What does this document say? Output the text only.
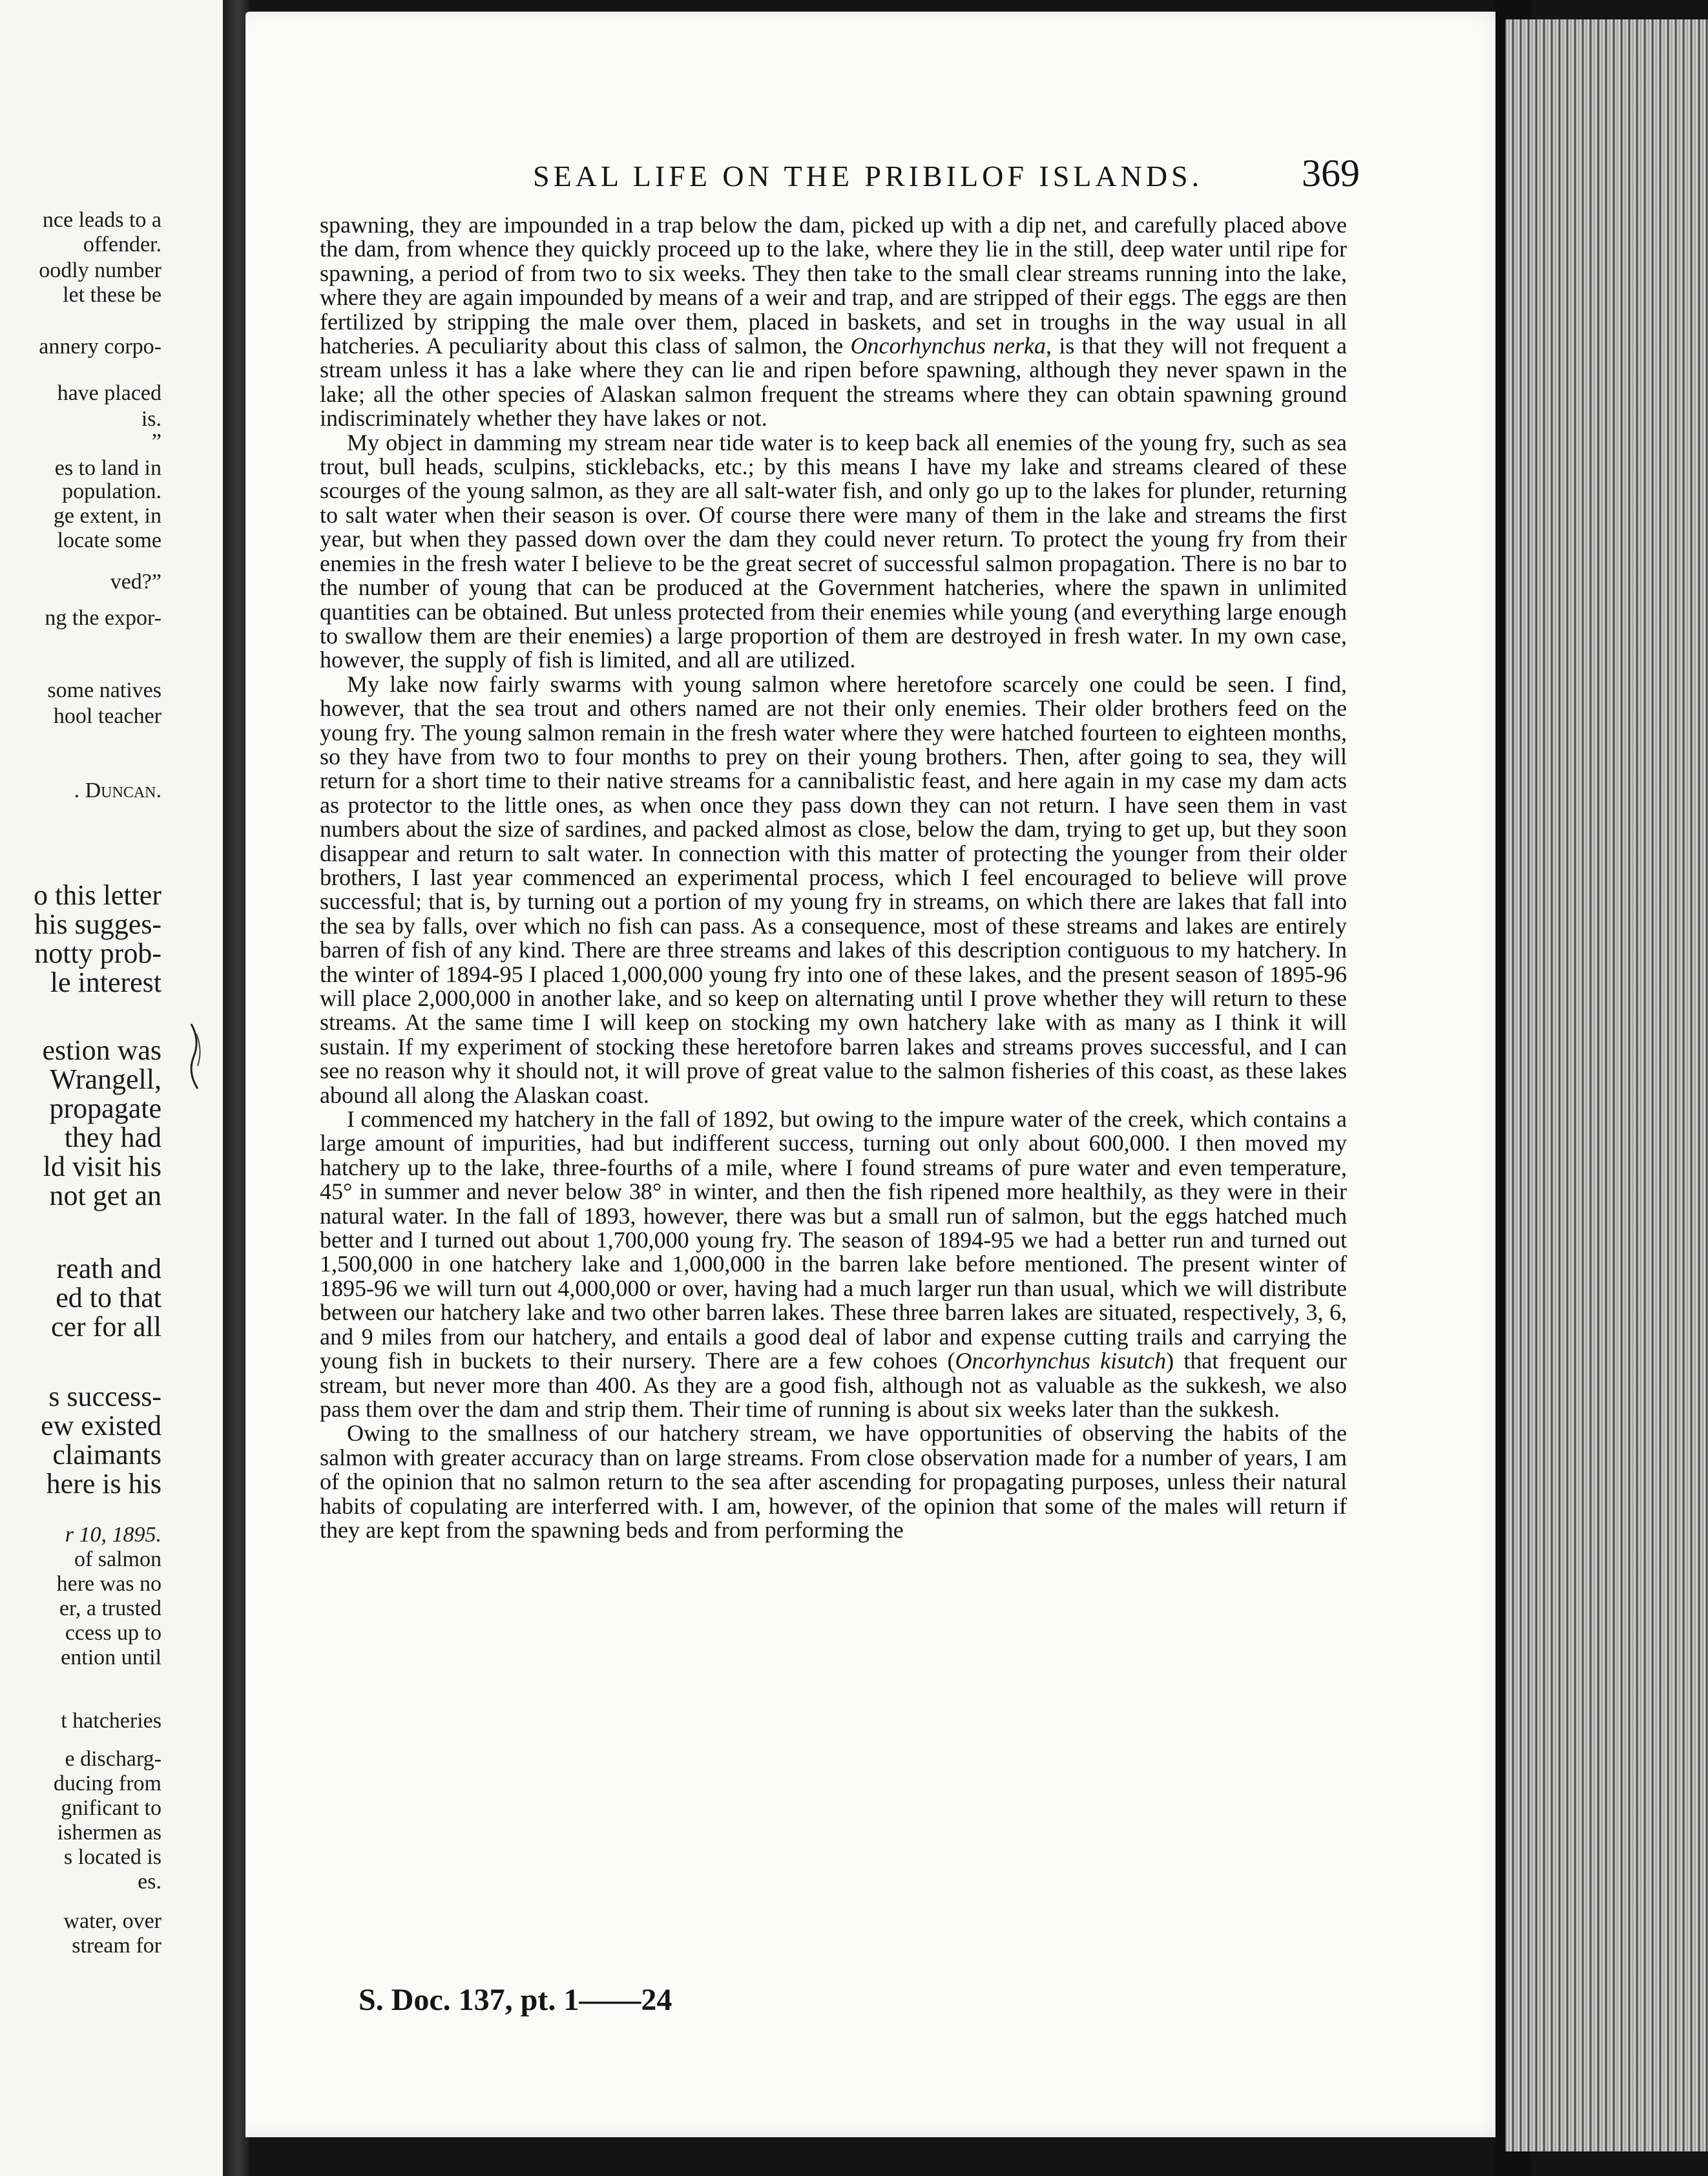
nce leads to a
offender.
oodly number
let these be
annery corpo-
have placed
is.
”
es to land in
population.
ge extent, in
locate some
ved?”
ng the expor-
some natives
hool teacher
. Duncan.
o this letter
his sugges-
notty prob-
le interest
estion was
Wrangell,
propagate
they had
ld visit his
not get an
reath and
ed to that
cer for all
s success-
ew existed
claimants
here is his
r 10, 1895.
of salmon
here was no
er, a trusted
ccess up to
ention until
t hatcheries
e discharg-
ducing from
gnificant to
ishermen as
s located is
es.
water, over
stream for
SEAL LIFE ON THE PRIBILOF ISLANDS.	369

spawning, they are impounded in a trap below the dam, picked up with a dip net, and carefully placed above the dam, from whence they quickly proceed up to the lake, where they lie in the still, deep water until ripe for spawning, a period of from two to six weeks. They then take to the small clear streams running into the lake, where they are again impounded by means of a weir and trap, and are stripped of their eggs. The eggs are then fertilized by stripping the male over them, placed in baskets, and set in troughs in the way usual in all hatcheries. A peculiarity about this class of salmon, the Oncorhynchus nerka, is that they will not frequent a stream unless it has a lake where they can lie and ripen before spawning, although they never spawn in the lake; all the other species of Alaskan salmon frequent the streams where they can obtain spawning ground indiscriminately whether they have lakes or not.

My object in damming my stream near tide water is to keep back all enemies of the young fry, such as sea trout, bull heads, sculpins, sticklebacks, etc.; by this means I have my lake and streams cleared of these scourges of the young salmon, as they are all salt-water fish, and only go up to the lakes for plunder, returning to salt water when their season is over. Of course there were many of them in the lake and streams the first year, but when they passed down over the dam they could never return. To protect the young fry from their enemies in the fresh water I believe to be the great secret of successful salmon propagation. There is no bar to the number of young that can be produced at the Government hatcheries, where the spawn in unlimited quantities can be obtained. But unless protected from their enemies while young (and everything large enough to swallow them are their enemies) a large proportion of them are destroyed in fresh water. In my own case, however, the supply of fish is limited, and all are utilized.

My lake now fairly swarms with young salmon where heretofore scarcely one could be seen. I find, however, that the sea trout and others named are not their only enemies. Their older brothers feed on the young fry. The young salmon remain in the fresh water where they were hatched fourteen to eighteen months, so they have from two to four months to prey on their young brothers. Then, after going to sea, they will return for a short time to their native streams for a cannibalistic feast, and here again in my case my dam acts as protector to the little ones, as when once they pass down they can not return. I have seen them in vast numbers about the size of sardines, and packed almost as close, below the dam, trying to get up, but they soon disappear and return to salt water. In connection with this matter of protecting the younger from their older brothers, I last year commenced an experimental process, which I feel encouraged to believe will prove successful; that is, by turning out a portion of my young fry in streams, on which there are lakes that fall into the sea by falls, over which no fish can pass. As a consequence, most of these streams and lakes are entirely barren of fish of any kind. There are three streams and lakes of this description contiguous to my hatchery. In the winter of 1894-95 I placed 1,000,000 young fry into one of these lakes, and the present season of 1895-96 will place 2,000,000 in another lake, and so keep on alternating until I prove whether they will return to these streams. At the same time I will keep on stocking my own hatchery lake with as many as I think it will sustain. If my experiment of stocking these heretofore barren lakes and streams proves successful, and I can see no reason why it should not, it will prove of great value to the salmon fisheries of this coast, as these lakes abound all along the Alaskan coast.

I commenced my hatchery in the fall of 1892, but owing to the impure water of the creek, which contains a large amount of impurities, had but indifferent success, turning out only about 600,000. I then moved my hatchery up to the lake, three-fourths of a mile, where I found streams of pure water and even temperature, 45° in summer and never below 38° in winter, and then the fish ripened more healthily, as they were in their natural water. In the fall of 1893, however, there was but a small run of salmon, but the eggs hatched much better and I turned out about 1,700,000 young fry. The season of 1894-95 we had a better run and turned out 1,500,000 in one hatchery lake and 1,000,000 in the barren lake before mentioned. The present winter of 1895-96 we will turn out 4,000,000 or over, having had a much larger run than usual, which we will distribute between our hatchery lake and two other barren lakes. These three barren lakes are situated, respectively, 3, 6, and 9 miles from our hatchery, and entails a good deal of labor and expense cutting trails and carrying the young fish in buckets to their nursery. There are a few cohoes (Oncorhynchus kisutch) that frequent our stream, but never more than 400. As they are a good fish, although not as valuable as the sukkesh, we also pass them over the dam and strip them. Their time of running is about six weeks later than the sukkesh.

Owing to the smallness of our hatchery stream, we have opportunities of observing the habits of the salmon with greater accuracy than on large streams. From close observation made for a number of years, I am of the opinion that no salmon return to the sea after ascending for propagating purposes, unless their natural habits of copulating are interferred with. I am, however, of the opinion that some of the males will return if they are kept from the spawning beds and from performing the

S. Doc. 137, pt. 1——24
